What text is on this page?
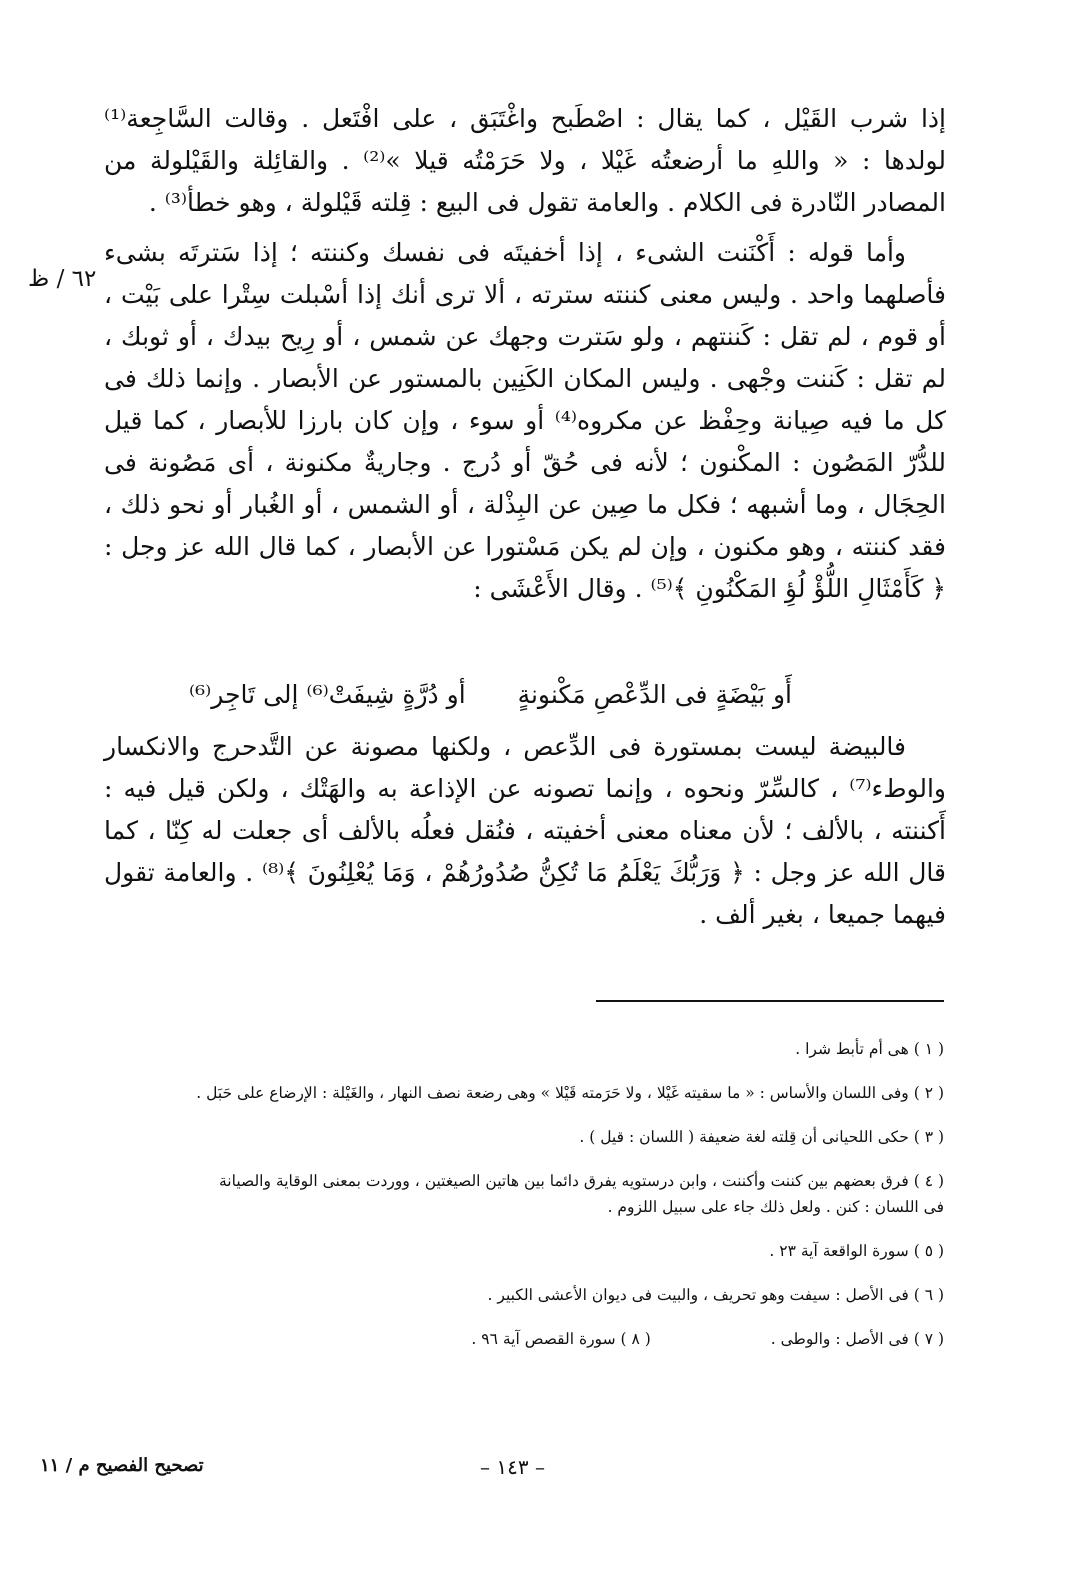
إذا شرب القَيْل ، كما يقال : اصْطَبح واغْتَبَق ، على افْتَعل . وقالت السَّاجِعة⁽¹⁾ لولدها : « واللهِ ما أرضعتُه غَيْلا ، ولا حَرَمْتُه قيلا »⁽²⁾ . والقائِلة والقَيْلولة من المصادر النّادرة فى الكلام . والعامة تقول فى البيع : قِلته قَيْلولة ، وهو خطأ⁽³⁾ .

وأما قوله : أَكْنَنت الشىء ، إذا أخفيتَه فى نفسك وكننته ؛ إذا سَترتَه بشىء فأصلهما واحد . وليس معنى كننته سترته ، ألا ترى أنك إذا أسْبلت سِتْرا على بَيْت ، أو قوم ، لم تقل : كَننتهم ، ولو سَترت وجهك عن شمس ، أو رِيح بيدك ، أو ثوبك ، لم تقل : كَننت وجْهى . وليس المكان الكَنِين بالمستور عن الأبصار . وإنما ذلك فى كل ما فيه صِيانة وحِفْظ عن مكروه⁽⁴⁾ أو سوء ، وإن كان بارزا للأبصار ، كما قيل للدُّرّ المَصُون : المكْنون ؛ لأنه فى حُقّ أو دُرج . وجاريةٌ مكنونة ، أى مَصُونة فى الحِجَال ، وما أشبهه ؛ فكل ما صِين عن البِذْلة ، أو الشمس ، أو الغُبار أو نحو ذلك ، فقد كننته ، وهو مكنون ، وإن لم يكن مَسْتورا عن الأبصار ، كما قال الله عز وجل : ﴿ كَأَمْثَالِ اللُّؤْ لُؤِ المَكْنُونِ ﴾⁽⁵⁾ . وقال الأَعْشَى :

٦٢ / ظ
أَو بَيْضَةٍ فى الدِّعْصِ مَكْنونةٍ  أو دُرَّةٍ شِيفَتْ⁽⁶⁾ إلى تَاجِر⁽⁶⁾

فالبيضة ليست بمستورة فى الدِّعص ، ولكنها مصونة عن التَّدحرج والانكسار والوطء⁽⁷⁾ ، كالسِّرّ ونحوه ، وإنما تصونه عن الإذاعة به والهَتْك ، ولكن قيل فيه : أَكننته ، بالألف ؛ لأن معناه معنى أخفيته ، فنُقل فعلُه بالألف أى جعلت له كِنّا ، كما قال الله عز وجل : ﴿ وَرَبُّكَ يَعْلَمُ مَا تُكِنُّ صُدُورُهُمْ ، وَمَا يُعْلِنُونَ ﴾⁽⁸⁾ . والعامة تقول فيهما جميعا ، بغير ألف .

( ١ ) هى أم تأبط شرا .

( ٢ ) وفى اللسان والأساس : « ما سقيته غَيْلا ، ولا حَرَمته قَيْلا » وهى رضعة نصف النهار ، والغَيْلة : الإرضاع على حَبَل .

( ٣ ) حكى اللحيانى أن قِلته لغة ضعيفة ( اللسان : قيل ) .

( ٤ ) فرق بعضهم بين كننت وأكننت ، وابن درستويه يفرق دائما بين هاتين الصيغتين ، ووردت بمعنى الوقاية والصيانة

فى اللسان : كنن . ولعل ذلك جاء على سبيل اللزوم .

( ٥ ) سورة الواقعة آية ٢٣ .

( ٦ ) فى الأصل : سيفت وهو تحريف ، والبيت فى ديوان الأعشى الكبير .

( ٧ ) فى الأصل : والوطى .

( ٨ ) سورة القصص آية ٩٦ .

تصحيح الفصيح م / ١١	– ١٤٣ –
